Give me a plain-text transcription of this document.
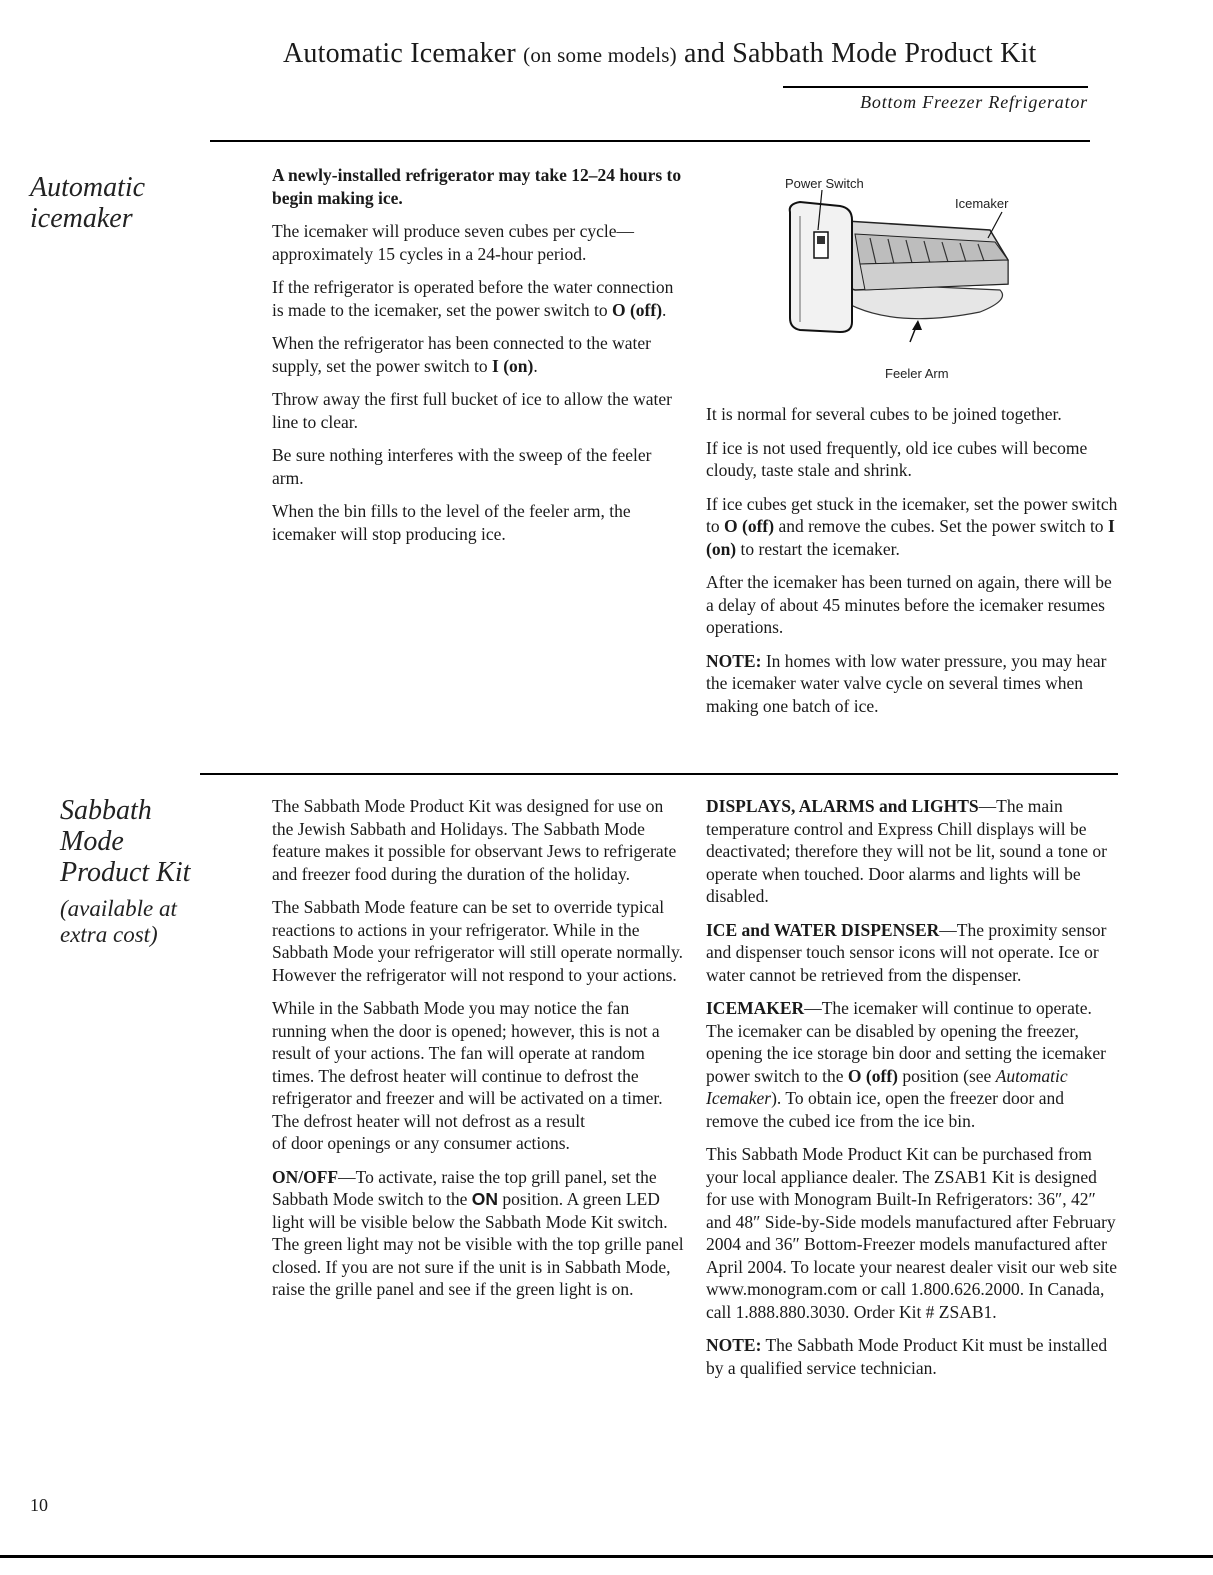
Automatic Icemaker (on some models) and Sabbath Mode Product Kit
Bottom Freezer Refrigerator
Automatic
icemaker

A newly-installed refrigerator may take 12–24 hours to begin making ice.

The icemaker will produce seven cubes per cycle—approximately 15 cycles in a 24-hour period.

If the refrigerator is operated before the water connection is made to the icemaker, set the power switch to O (off).

When the refrigerator has been connected to the water supply, set the power switch to I (on).

Throw away the first full bucket of ice to allow the water line to clear.

Be sure nothing interferes with the sweep of the feeler arm.

When the bin fills to the level of the feeler arm, the icemaker will stop producing ice.

Power Switch
Icemaker
Feeler Arm

It is normal for several cubes to be joined together.

If ice is not used frequently, old ice cubes will become cloudy, taste stale and shrink.

If ice cubes get stuck in the icemaker, set the power switch to O (off) and remove the cubes. Set the power switch to I (on) to restart the icemaker.

After the icemaker has been turned on again, there will be a delay of about 45 minutes before the icemaker resumes operations.

NOTE: In homes with low water pressure, you may hear the icemaker water valve cycle on several times when making one batch of ice.

Sabbath
Mode
Product Kit
(available at
extra cost)

The Sabbath Mode Product Kit was designed for use on the Jewish Sabbath and Holidays. The Sabbath Mode feature makes it possible for observant Jews to refrigerate and freezer food during the duration of the holiday.

The Sabbath Mode feature can be set to override typical reactions to actions in your refrigerator. While in the Sabbath Mode your refrigerator will still operate normally. However the refrigerator will not respond to your actions.

While in the Sabbath Mode you may notice the fan running when the door is opened; however, this is not a result of your actions. The fan will operate at random times. The defrost heater will continue to defrost the refrigerator and freezer and will be activated on a timer. The defrost heater will not defrost as a result
of door openings or any consumer actions.

ON/OFF—To activate, raise the top grill panel, set the Sabbath Mode switch to the ON position. A green LED light will be visible below the Sabbath Mode Kit switch. The green light may not be visible with the top grille panel closed. If you are not sure if the unit is in Sabbath Mode, raise the grille panel and see if the green light is on.

DISPLAYS, ALARMS and LIGHTS—The main temperature control and Express Chill displays will be deactivated; therefore they will not be lit, sound a tone or operate when touched. Door alarms and lights will be disabled.

ICE and WATER DISPENSER—The proximity sensor and dispenser touch sensor icons will not operate. Ice or water cannot be retrieved from the dispenser.

ICEMAKER—The icemaker will continue to operate. The icemaker can be disabled by opening the freezer, opening the ice storage bin door and setting the icemaker power switch to the O (off) position (see Automatic Icemaker). To obtain ice, open the freezer door and remove the cubed ice from the ice bin.

This Sabbath Mode Product Kit can be purchased from your local appliance dealer. The ZSAB1 Kit is designed for use with Monogram Built-In Refrigerators: 36″, 42″ and 48″ Side-by-Side models manufactured after February 2004 and 36″ Bottom-Freezer models manufactured after April 2004. To locate your nearest dealer visit our web site www.monogram.com or call 1.800.626.2000. In Canada, call 1.888.880.3030. Order Kit # ZSAB1.

NOTE: The Sabbath Mode Product Kit must be installed by a qualified service technician.

10
